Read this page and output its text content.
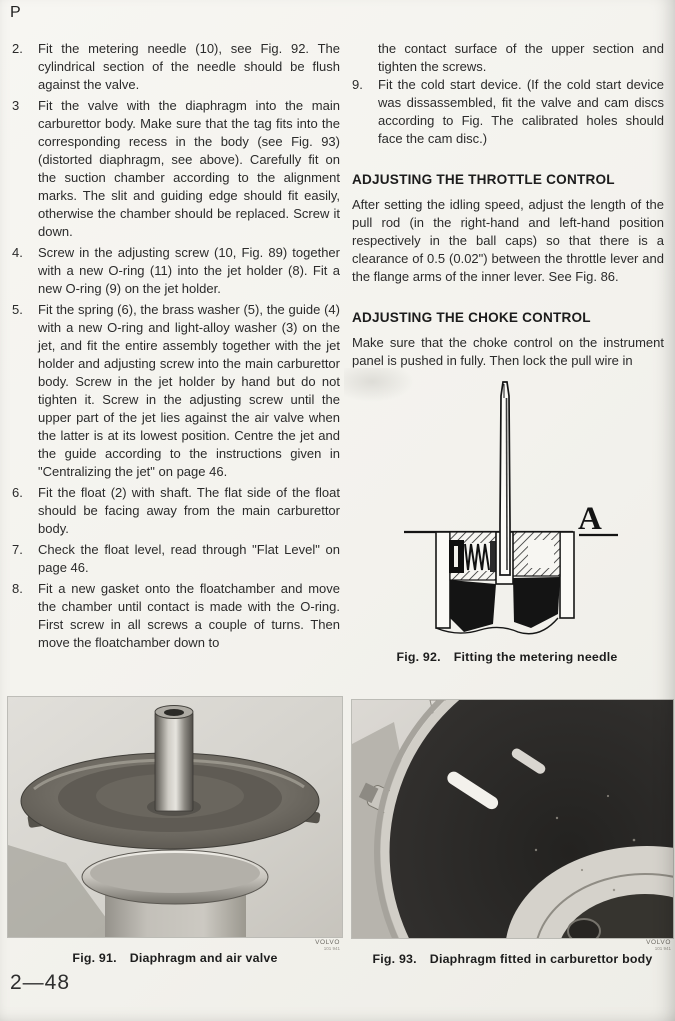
P
2.	Fit the metering needle (10), see Fig. 92. The cylindrical section of the needle should be flush against the valve.

3	Fit the valve with the diaphragm into the main carburettor body. Make sure that the tag fits into the corresponding recess in the body (see Fig. 93) (distorted diaphragm, see above). Carefully fit on the suction chamber according to the alignment marks. The slit and guiding edge should fit easily, otherwise the chamber should be replaced. Screw it down.

4.	Screw in the adjusting screw (10, Fig. 89) together with a new O-ring (11) into the jet holder (8). Fit a new O-ring (9) on the jet holder.

5.	Fit the spring (6), the brass washer (5), the guide (4) with a new O-ring and light-alloy washer (3) on the jet, and fit the entire assembly together with the jet holder and adjusting screw into the main carburettor body. Screw in the jet holder by hand but do not tighten it. Screw in the adjusting screw until the upper part of the jet lies against the air valve when the latter is at its lowest position. Centre the jet and the guide according to the instructions given in "Centralizing the jet" on page 46.

6.	Fit the float (2) with shaft. The flat side of the float should be facing away from the main carburettor body.

7.	Check the float level, read through "Flat Level" on page 46.

8.	Fit a new gasket onto the floatchamber and move the chamber until contact is made with the O-ring. First screw in all screws a couple of turns. Then move the floatchamber down to

the contact surface of the upper section and tighten the screws.

9.	Fit the cold start device. (If the cold start device was dissassembled, fit the valve and cam discs according to Fig. The calibrated holes should face the cam disc.)

ADJUSTING THE THROTTLE CONTROL

After setting the idling speed, adjust the length of the pull rod (in the right-hand and left-hand position respectively in the ball caps) so that there is a clearance of 0.5 (0.02") between the throttle lever and the flange arms of the inner lever. See Fig. 86.

ADJUSTING THE CHOKE CONTROL

Make sure that the choke control on the instrument panel is pushed in fully. Then lock the pull wire in

A
Fig. 92. Fitting the metering needle
VOLVO
101 941
Fig. 91. Diaphragm and air valve
VOLVO
101 941
Fig. 93. Diaphragm fitted in carburettor body
2—48
